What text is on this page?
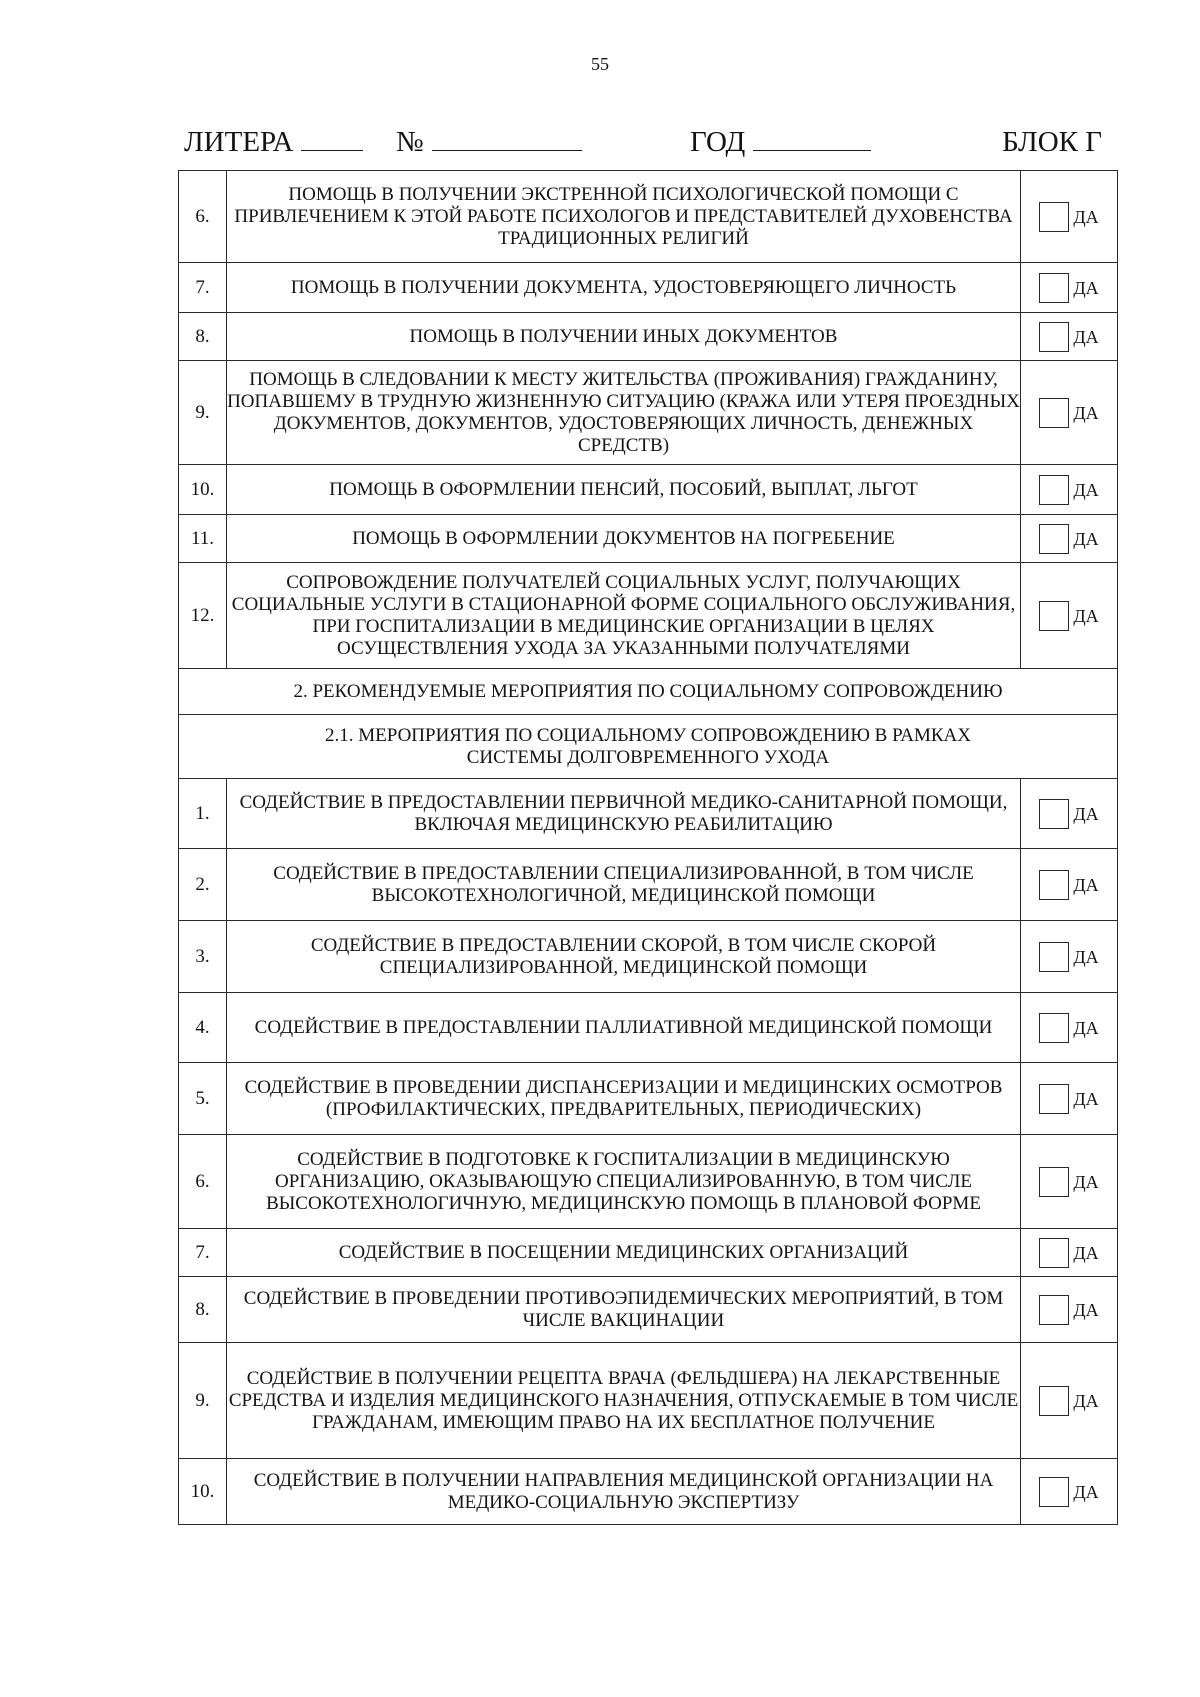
55
ЛИТЕРА	№	ГОД	БЛОК Г
6.	ПОМОЩЬ В ПОЛУЧЕНИИ ЭКСТРЕННОЙ ПСИХОЛОГИЧЕСКОЙ ПОМОЩИ С ПРИВЛЕЧЕНИЕМ К ЭТОЙ РАБОТЕ ПСИХОЛОГОВ И ПРЕДСТАВИТЕЛЕЙ ДУХОВЕНСТВА ТРАДИЦИОННЫХ РЕЛИГИЙ	ДА

7.	ПОМОЩЬ В ПОЛУЧЕНИИ ДОКУМЕНТА, УДОСТОВЕРЯЮЩЕГО ЛИЧНОСТЬ	ДА

8.	ПОМОЩЬ В ПОЛУЧЕНИИ ИНЫХ ДОКУМЕНТОВ	ДА

9.	ПОМОЩЬ В СЛЕДОВАНИИ К МЕСТУ ЖИТЕЛЬСТВА (ПРОЖИВАНИЯ) ГРАЖДАНИНУ, ПОПАВШЕМУ В ТРУДНУЮ ЖИЗНЕННУЮ СИТУАЦИЮ (КРАЖА ИЛИ УТЕРЯ ПРОЕЗДНЫХ ДОКУМЕНТОВ, ДОКУМЕНТОВ, УДОСТОВЕРЯЮЩИХ ЛИЧНОСТЬ, ДЕНЕЖНЫХ СРЕДСТВ)	ДА

10.	ПОМОЩЬ В ОФОРМЛЕНИИ ПЕНСИЙ, ПОСОБИЙ, ВЫПЛАТ, ЛЬГОТ	ДА

11.	ПОМОЩЬ В ОФОРМЛЕНИИ ДОКУМЕНТОВ НА ПОГРЕБЕНИЕ	ДА

12.	СОПРОВОЖДЕНИЕ ПОЛУЧАТЕЛЕЙ СОЦИАЛЬНЫХ УСЛУГ, ПОЛУЧАЮЩИХ СОЦИАЛЬНЫЕ УСЛУГИ В СТАЦИОНАРНОЙ ФОРМЕ СОЦИАЛЬНОГО ОБСЛУЖИВАНИЯ, ПРИ ГОСПИТАЛИЗАЦИИ В МЕДИЦИНСКИЕ ОРГАНИЗАЦИИ В ЦЕЛЯХ ОСУЩЕСТВЛЕНИЯ УХОДА ЗА УКАЗАННЫМИ ПОЛУЧАТЕЛЯМИ	ДА

2. РЕКОМЕНДУЕМЫЕ МЕРОПРИЯТИЯ ПО СОЦИАЛЬНОМУ СОПРОВОЖДЕНИЮ		
2.1. МЕРОПРИЯТИЯ ПО СОЦИАЛЬНОМУ СОПРОВОЖДЕНИЮ В РАМКАХ СИСТЕМЫ ДОЛГОВРЕМЕННОГО УХОДА		
1.	СОДЕЙСТВИЕ В ПРЕДОСТАВЛЕНИИ ПЕРВИЧНОЙ МЕДИКО-САНИТАРНОЙ ПОМОЩИ, ВКЛЮЧАЯ МЕДИЦИНСКУЮ РЕАБИЛИТАЦИЮ	ДА

2.	СОДЕЙСТВИЕ В ПРЕДОСТАВЛЕНИИ СПЕЦИАЛИЗИРОВАННОЙ, В ТОМ ЧИСЛЕ ВЫСОКОТЕХНОЛОГИЧНОЙ, МЕДИЦИНСКОЙ ПОМОЩИ	ДА

3.	СОДЕЙСТВИЕ В ПРЕДОСТАВЛЕНИИ СКОРОЙ, В ТОМ ЧИСЛЕ СКОРОЙ СПЕЦИАЛИЗИРОВАННОЙ, МЕДИЦИНСКОЙ ПОМОЩИ	ДА

4.	СОДЕЙСТВИЕ В ПРЕДОСТАВЛЕНИИ ПАЛЛИАТИВНОЙ МЕДИЦИНСКОЙ ПОМОЩИ	ДА

5.	СОДЕЙСТВИЕ В ПРОВЕДЕНИИ ДИСПАНСЕРИЗАЦИИ И МЕДИЦИНСКИХ ОСМОТРОВ (ПРОФИЛАКТИЧЕСКИХ, ПРЕДВАРИТЕЛЬНЫХ, ПЕРИОДИЧЕСКИХ)	ДА

6.	СОДЕЙСТВИЕ В ПОДГОТОВКЕ К ГОСПИТАЛИЗАЦИИ В МЕДИЦИНСКУЮ ОРГАНИЗАЦИЮ, ОКАЗЫВАЮЩУЮ СПЕЦИАЛИЗИРОВАННУЮ, В ТОМ ЧИСЛЕ ВЫСОКОТЕХНОЛОГИЧНУЮ, МЕДИЦИНСКУЮ ПОМОЩЬ В ПЛАНОВОЙ ФОРМЕ	ДА

7.	СОДЕЙСТВИЕ В ПОСЕЩЕНИИ МЕДИЦИНСКИХ ОРГАНИЗАЦИЙ	ДА

8.	СОДЕЙСТВИЕ В ПРОВЕДЕНИИ ПРОТИВОЭПИДЕМИЧЕСКИХ МЕРОПРИЯТИЙ, В ТОМ ЧИСЛЕ ВАКЦИНАЦИИ	ДА

9.	СОДЕЙСТВИЕ В ПОЛУЧЕНИИ РЕЦЕПТА ВРАЧА (ФЕЛЬДШЕРА) НА ЛЕКАРСТВЕННЫЕ СРЕДСТВА И ИЗДЕЛИЯ МЕДИЦИНСКОГО НАЗНАЧЕНИЯ, ОТПУСКАЕМЫЕ В ТОМ ЧИСЛЕ ГРАЖДАНАМ, ИМЕЮЩИМ ПРАВО НА ИХ БЕСПЛАТНОЕ ПОЛУЧЕНИЕ	ДА

10.	СОДЕЙСТВИЕ В ПОЛУЧЕНИИ НАПРАВЛЕНИЯ МЕДИЦИНСКОЙ ОРГАНИЗАЦИИ НА МЕДИКО-СОЦИАЛЬНУЮ ЭКСПЕРТИЗУ	ДА
